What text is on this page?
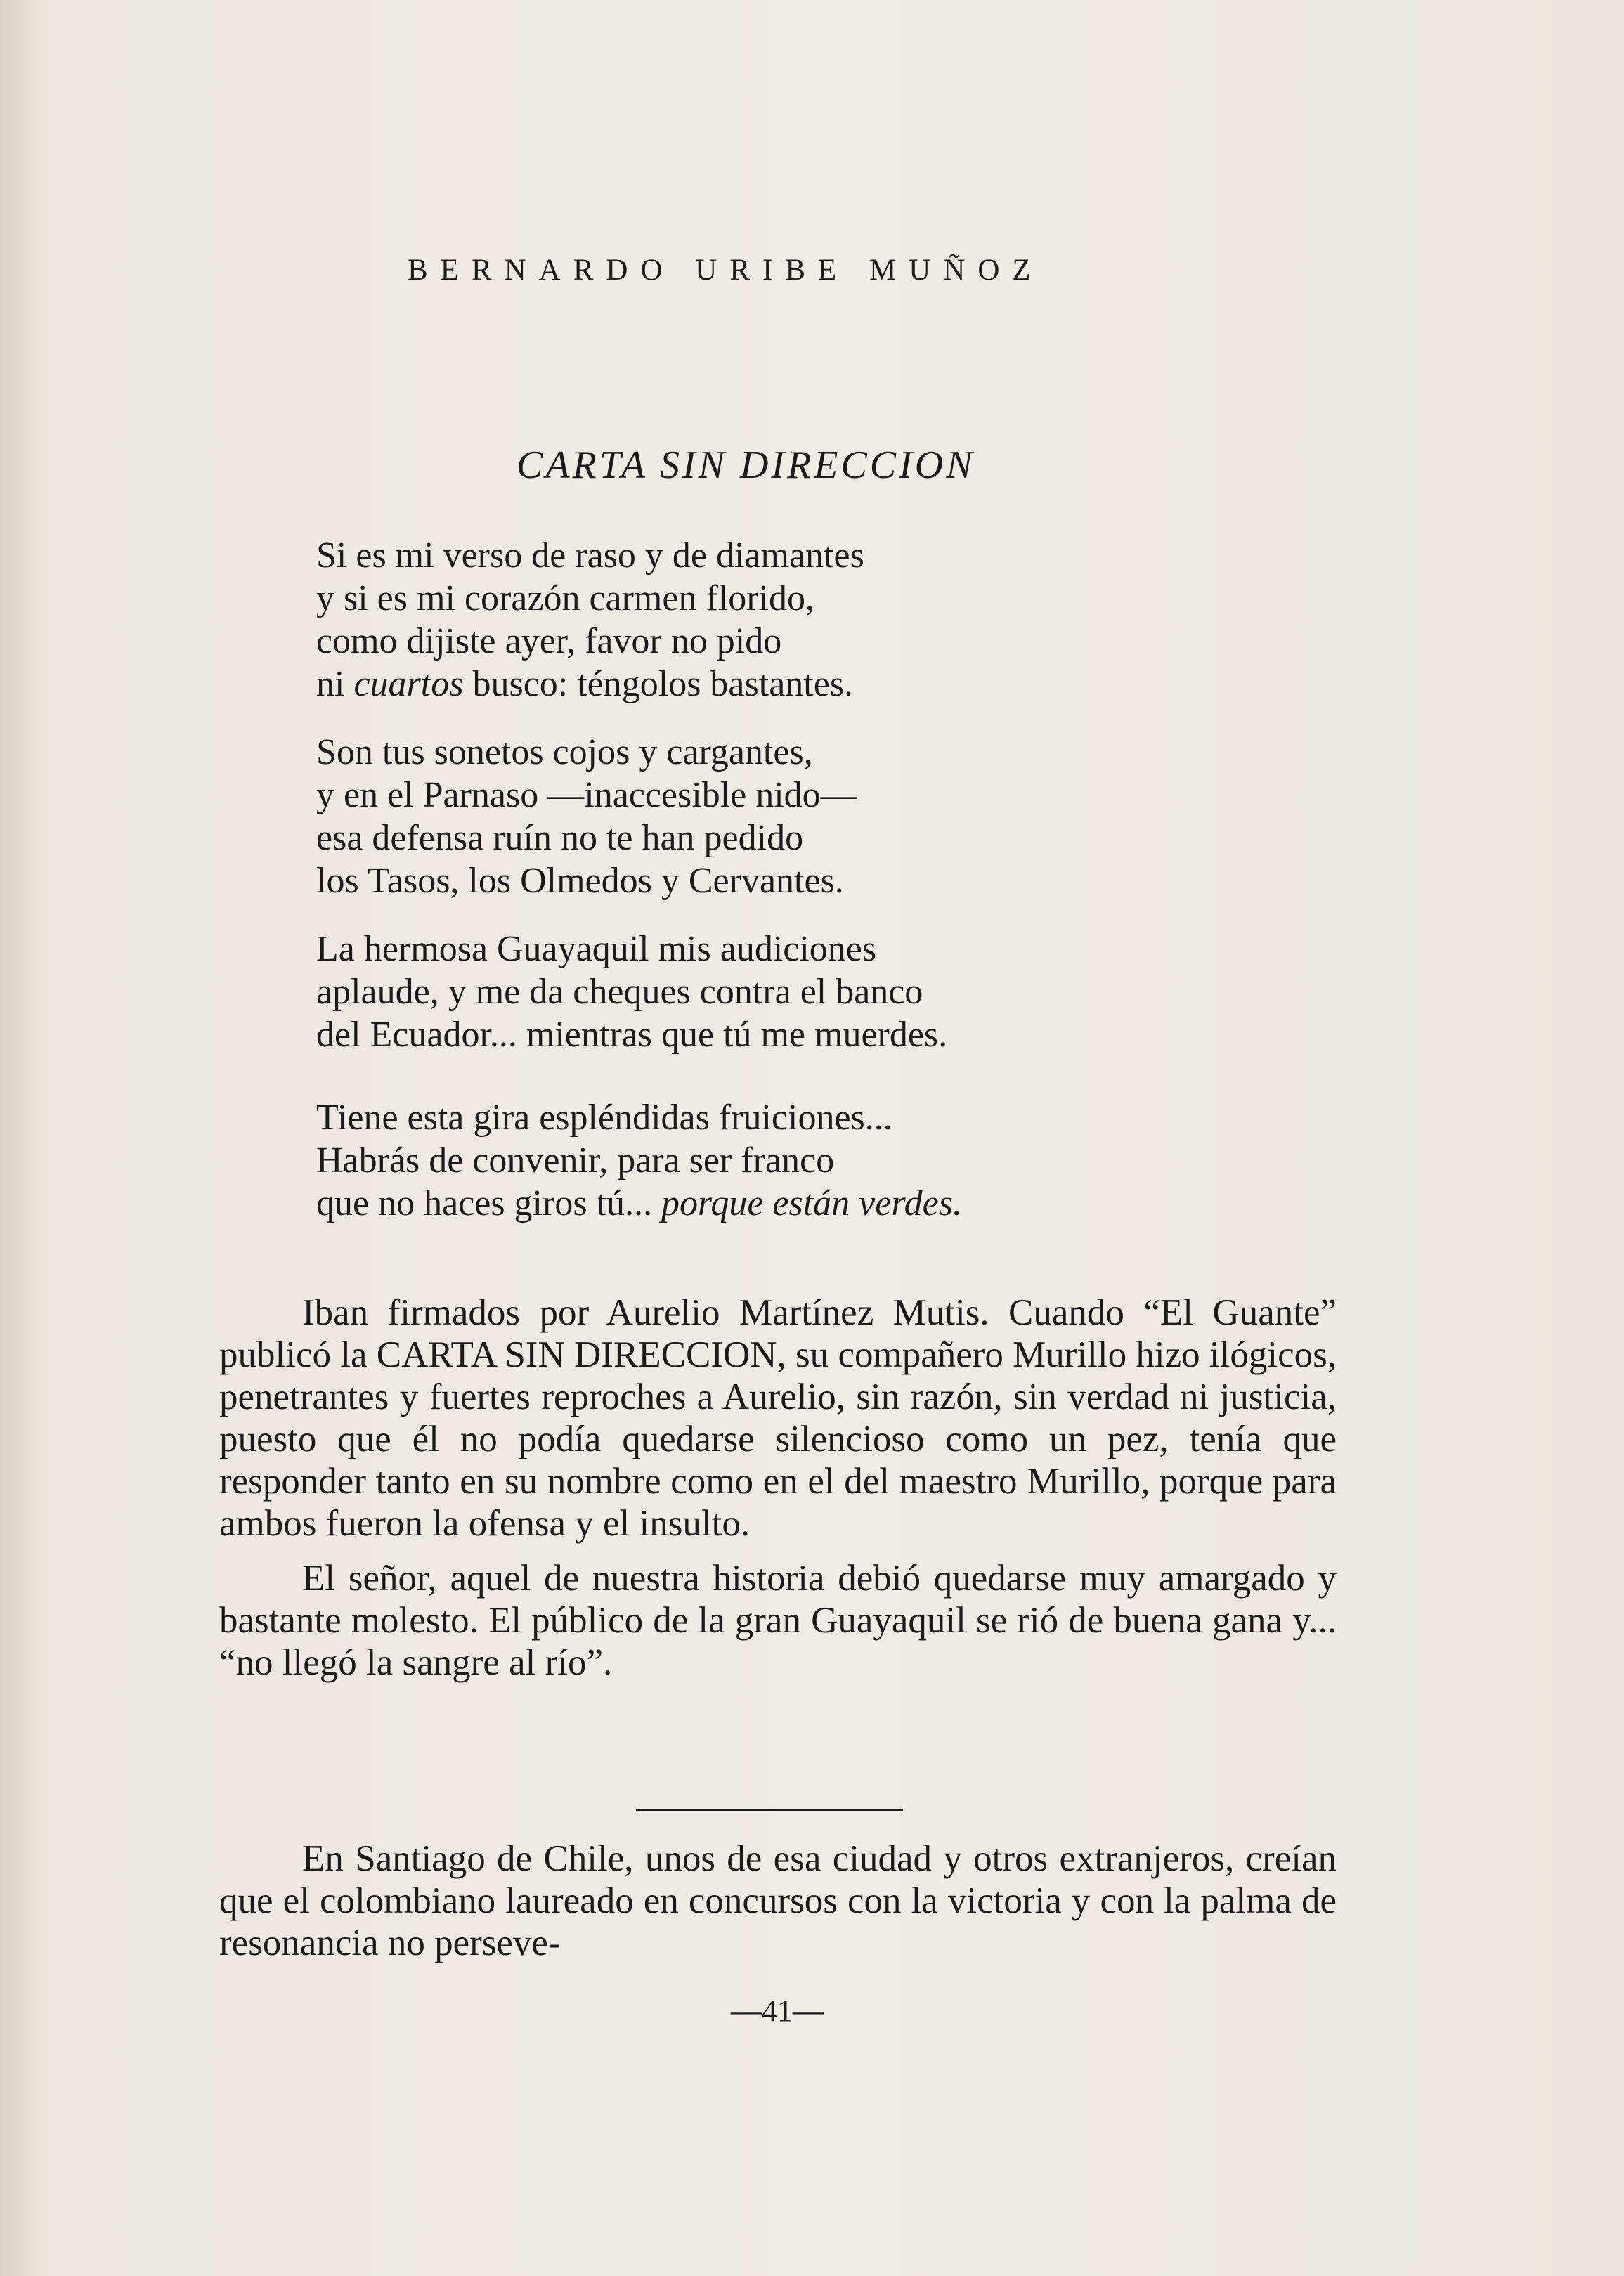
BERNARDO URIBE MUÑOZ
CARTA SIN DIRECCION
Si es mi verso de raso y de diamantes
y si es mi corazón carmen florido,
como dijiste ayer, favor no pido
ni cuartos busco: téngolos bastantes.
Son tus sonetos cojos y cargantes,
y en el Parnaso —inaccesible nido—
esa defensa ruín no te han pedido
los Tasos, los Olmedos y Cervantes.
La hermosa Guayaquil mis audiciones
aplaude, y me da cheques contra el banco
del Ecuador... mientras que tú me muerdes.
Tiene esta gira espléndidas fruiciones...
Habrás de convenir, para ser franco
que no haces giros tú... porque están verdes.

Iban firmados por Aurelio Martínez Mutis. Cuando “El Guante” publicó la CARTA SIN DIRECCION, su compañero Murillo hizo ilógicos, penetrantes y fuertes reproches a Aurelio, sin razón, sin verdad ni justicia, puesto que él no podía quedarse silencioso como un pez, tenía que responder tanto en su nombre como en el del maestro Murillo, porque para ambos fueron la ofensa y el insulto.

El señor, aquel de nuestra historia debió quedarse muy amargado y bastante molesto. El público de la gran Guayaquil se rió de buena gana y... “no llegó la sangre al río”.

En Santiago de Chile, unos de esa ciudad y otros extranjeros, creían que el colombiano laureado en concursos con la victoria y con la palma de resonancia no perseve-

—41—
